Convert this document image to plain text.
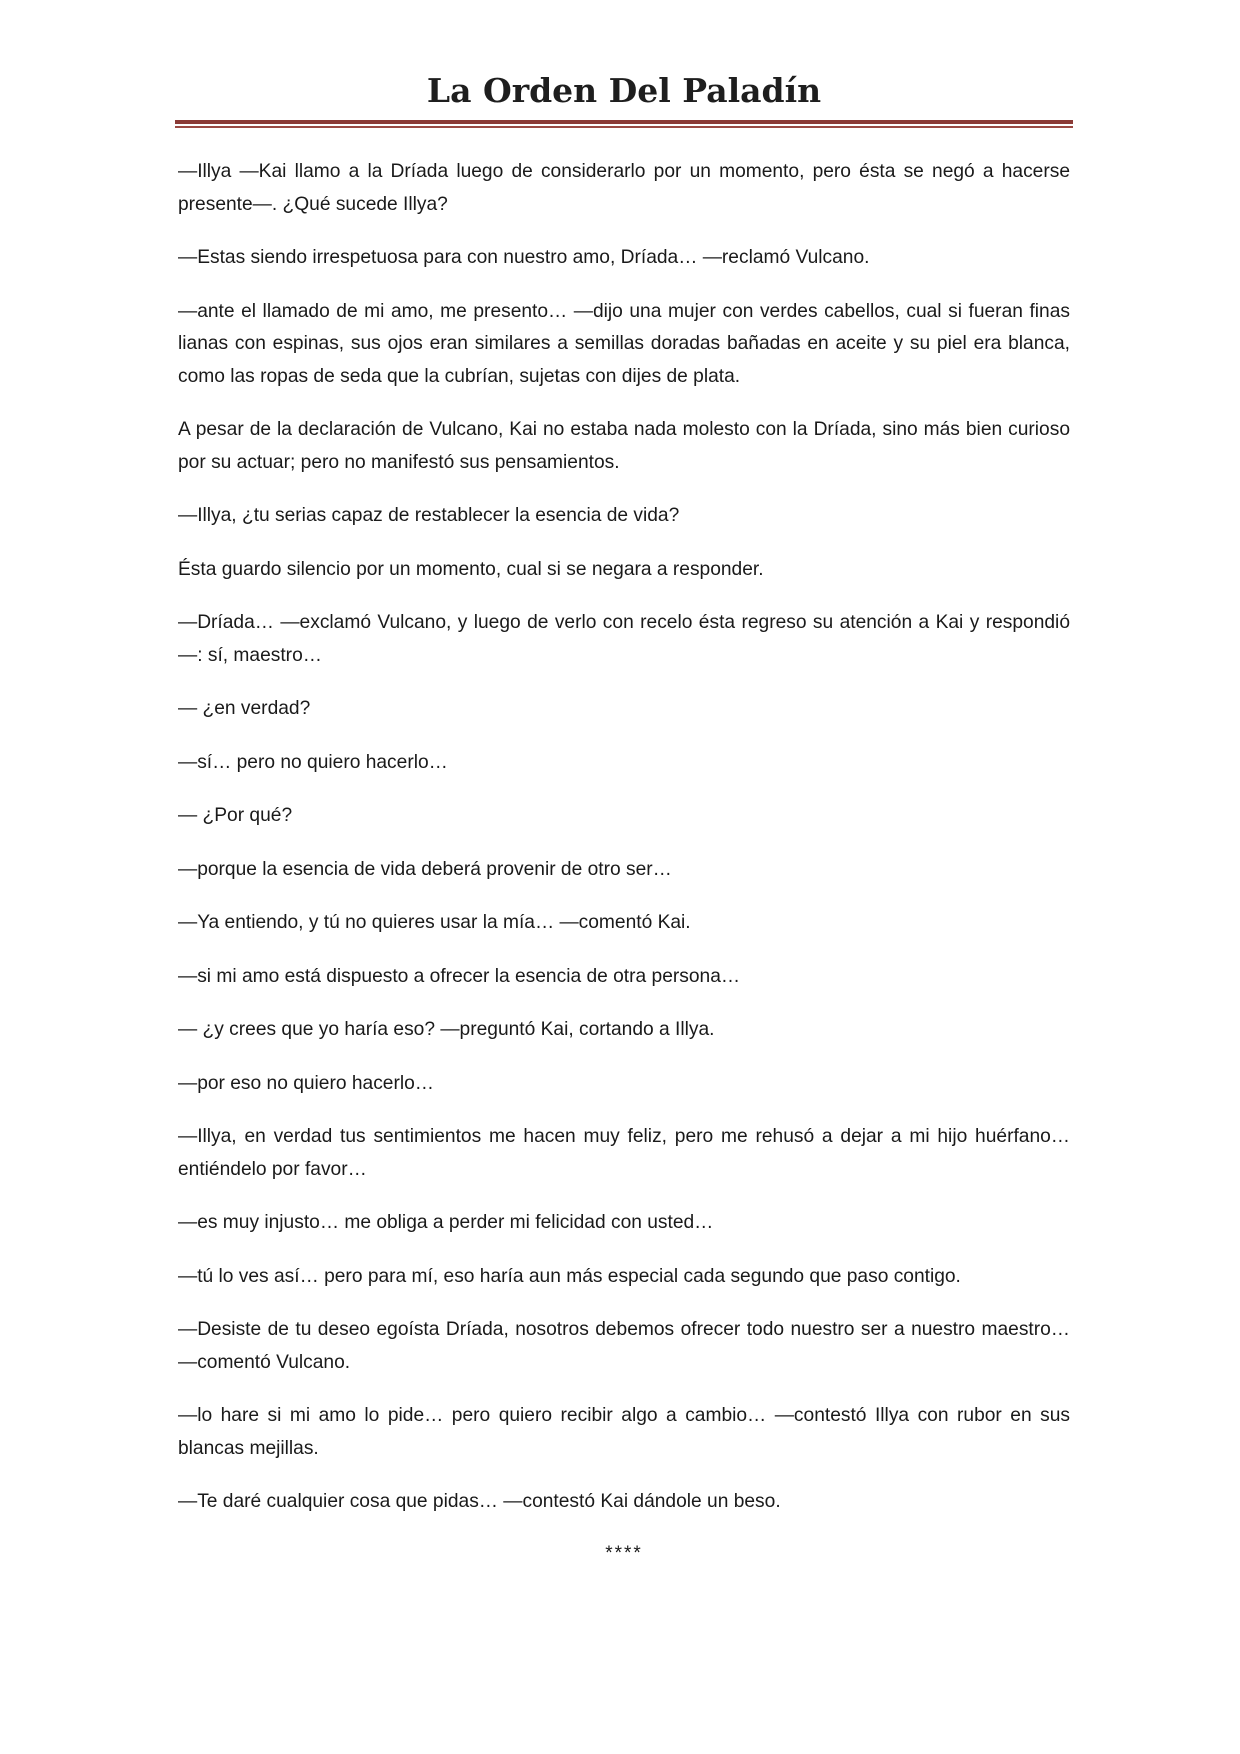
La Orden Del Paladín

—Illya —Kai llamo a la Dríada luego de considerarlo por un momento, pero ésta se negó a hacerse presente—. ¿Qué sucede Illya?

—Estas siendo irrespetuosa para con nuestro amo, Dríada… —reclamó Vulcano.

—ante el llamado de mi amo, me presento… —dijo una mujer con verdes cabellos, cual si fueran finas lianas con espinas, sus ojos eran similares a semillas doradas bañadas en aceite y su piel era blanca, como las ropas de seda que la cubrían, sujetas con dijes de plata.

A pesar de la declaración de Vulcano, Kai no estaba nada molesto con la Dríada, sino más bien curioso por su actuar; pero no manifestó sus pensamientos.

—Illya, ¿tu serias capaz de restablecer la esencia de vida?

Ésta guardo silencio por un momento, cual si se negara a responder.

—Dríada… —exclamó Vulcano, y luego de verlo con recelo ésta regreso su atención a Kai y respondió—: sí, maestro…

— ¿en verdad?

—sí… pero no quiero hacerlo…

— ¿Por qué?

—porque la esencia de vida deberá provenir de otro ser…

—Ya entiendo, y tú no quieres usar la mía… —comentó Kai.

—si mi amo está dispuesto a ofrecer la esencia de otra persona…

— ¿y crees que yo haría eso? —preguntó Kai, cortando a Illya.

—por eso no quiero hacerlo…

—Illya, en verdad tus sentimientos me hacen muy feliz, pero me rehusó a dejar a mi hijo huérfano… entiéndelo por favor…

—es muy injusto… me obliga a perder mi felicidad con usted…

—tú lo ves así… pero para mí, eso haría aun más especial cada segundo que paso contigo.

—Desiste de tu deseo egoísta Dríada, nosotros debemos ofrecer todo nuestro ser a nuestro maestro… —comentó Vulcano.

—lo hare si mi amo lo pide… pero quiero recibir algo a cambio… —contestó Illya con rubor en sus blancas mejillas.

—Te daré cualquier cosa que pidas… —contestó Kai dándole un beso.

****
